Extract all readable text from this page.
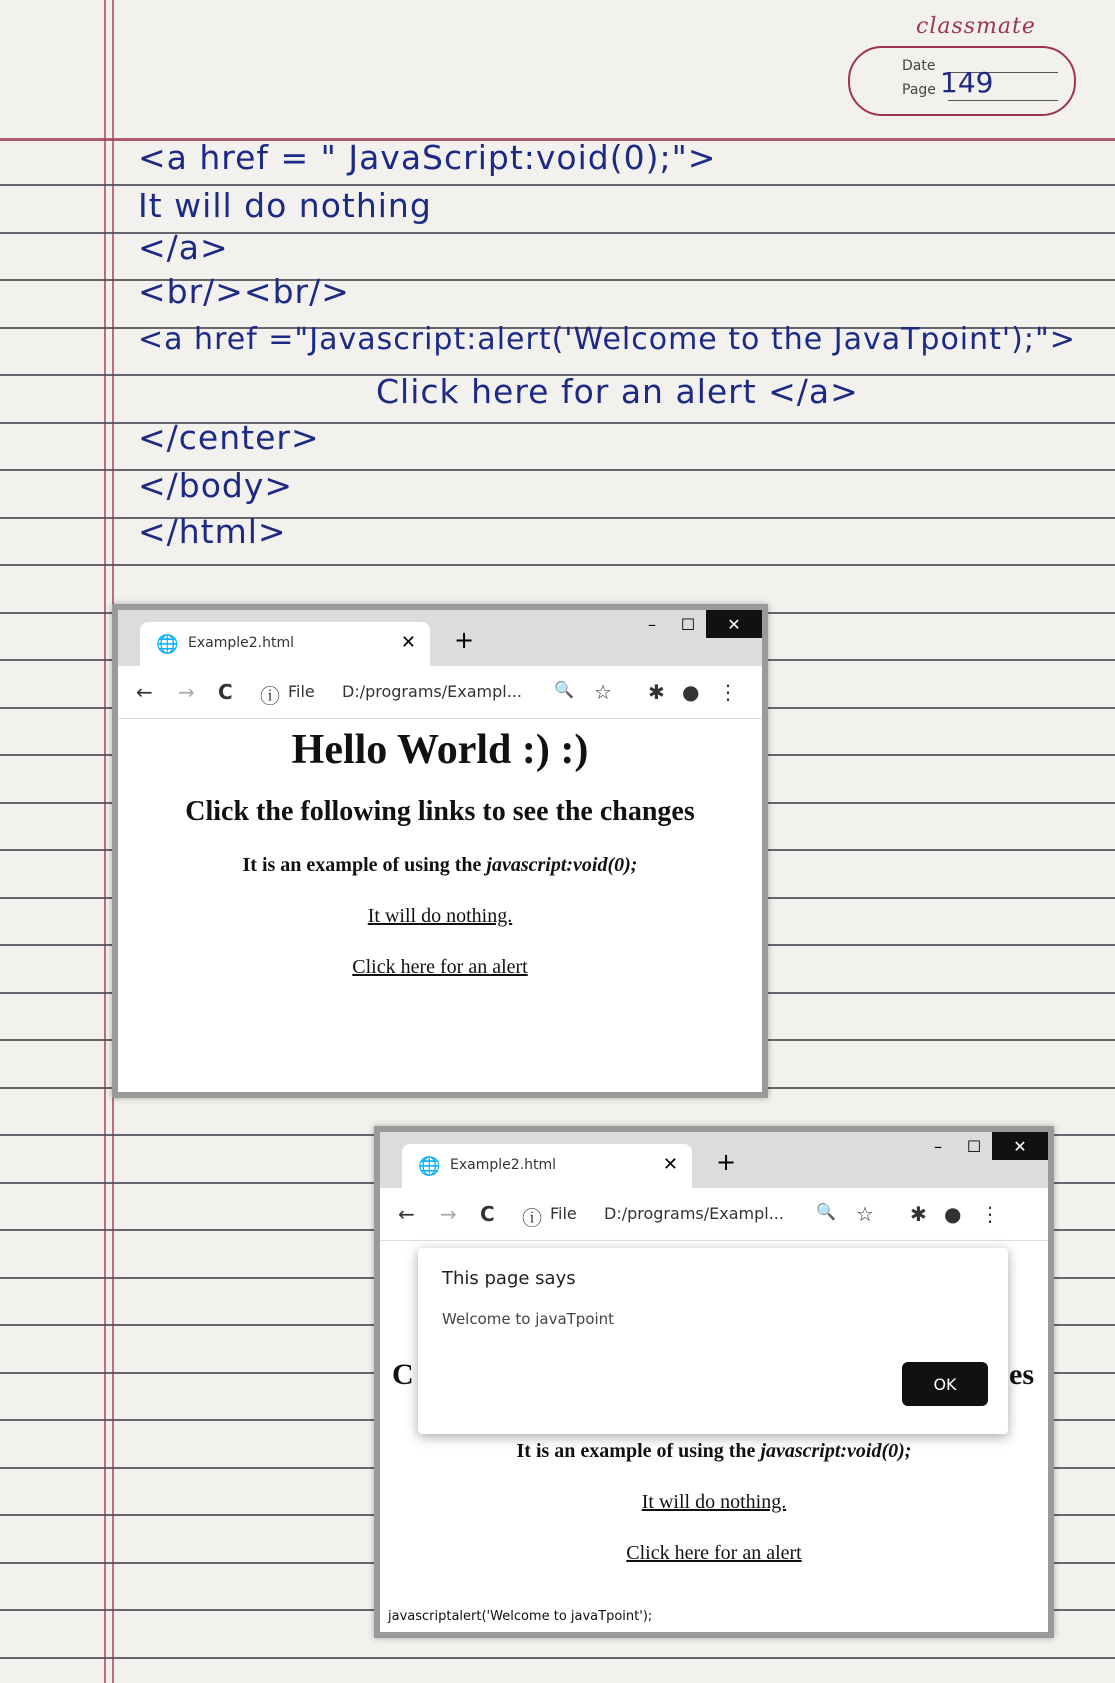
classmate
Date
Page 149
<a href = " JavaScript:void(0);">
It will do nothing
</a>
<br/><br/>
<a href ="Javascript:alert('Welcome to the JavaTpoint');">
Click here for an alert </a>
</center>
</body>
</html>
🌐 Example2.html	✕ +
–	☐	✕
← → C ⓘ File D:/programs/Exampl... 🔍 ☆ ✱ ● ⋮
Hello World :) :)
Click the following links to see the changes
It is an example of using the javascript:void(0);
It will do nothing.
Click here for an alert
🌐 Example2.html	✕ +
–	☐	✕
← → C ⓘ File D:/programs/Exampl... 🔍 ☆ ✱ ● ⋮
C	es
It is an example of using the javascript:void(0);
It will do nothing.
Click here for an alert
This page says
Welcome to javaTpoint
OK
javascriptalert('Welcome to javaTpoint');
